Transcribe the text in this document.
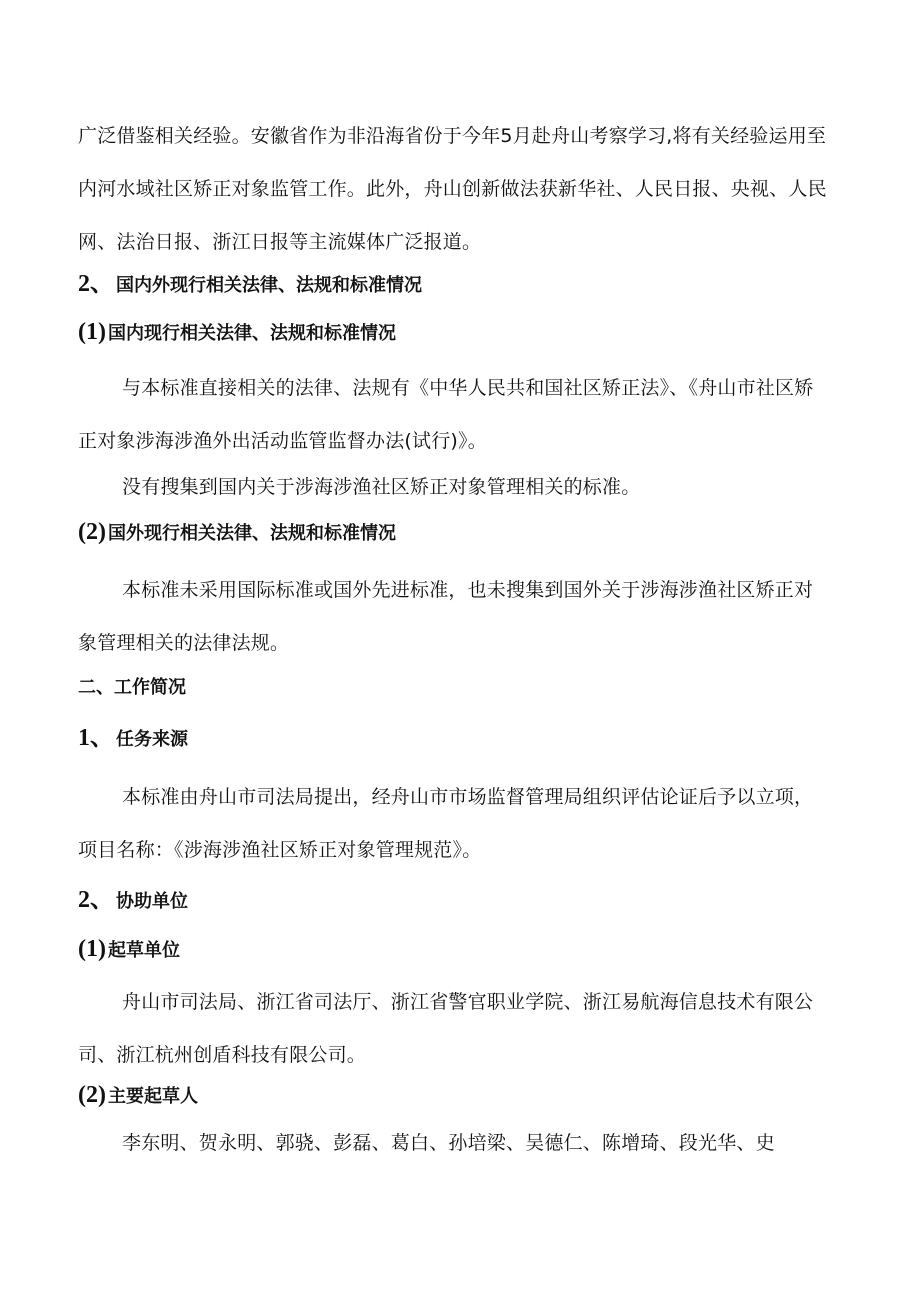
广泛借鉴相关经验。安徽省作为非沿海省份于今年5月赴舟山考察学习,将有关经验运用至内河水域社区矫正对象监管工作。此外，舟山创新做法获新华社、人民日报、央视、人民网、法治日报、浙江日报等主流媒体广泛报道。

2、 国内外现行相关法律、法规和标准情况
(1) 国内现行相关法律、法规和标准情况

与本标准直接相关的法律、法规有《中华人民共和国社区矫正法》、《舟山市社区矫正对象涉海涉渔外出活动监管监督办法(试行)》。

没有搜集到国内关于涉海涉渔社区矫正对象管理相关的标准。

(2) 国外现行相关法律、法规和标准情况

本标准未采用国际标准或国外先进标准，也未搜集到国外关于涉海涉渔社区矫正对象管理相关的法律法规。

二、工作简况
1、 任务来源

本标准由舟山市司法局提出，经舟山市市场监督管理局组织评估论证后予以立项，项目名称：《涉海涉渔社区矫正对象管理规范》。

2、 协助单位
(1) 起草单位

舟山市司法局、浙江省司法厅、浙江省警官职业学院、浙江易航海信息技术有限公司、浙江杭州创盾科技有限公司。

(2) 主要起草人

李东明、贺永明、郭骁、彭磊、葛白、孙培梁、吴德仁、陈增琦、段光华、史
